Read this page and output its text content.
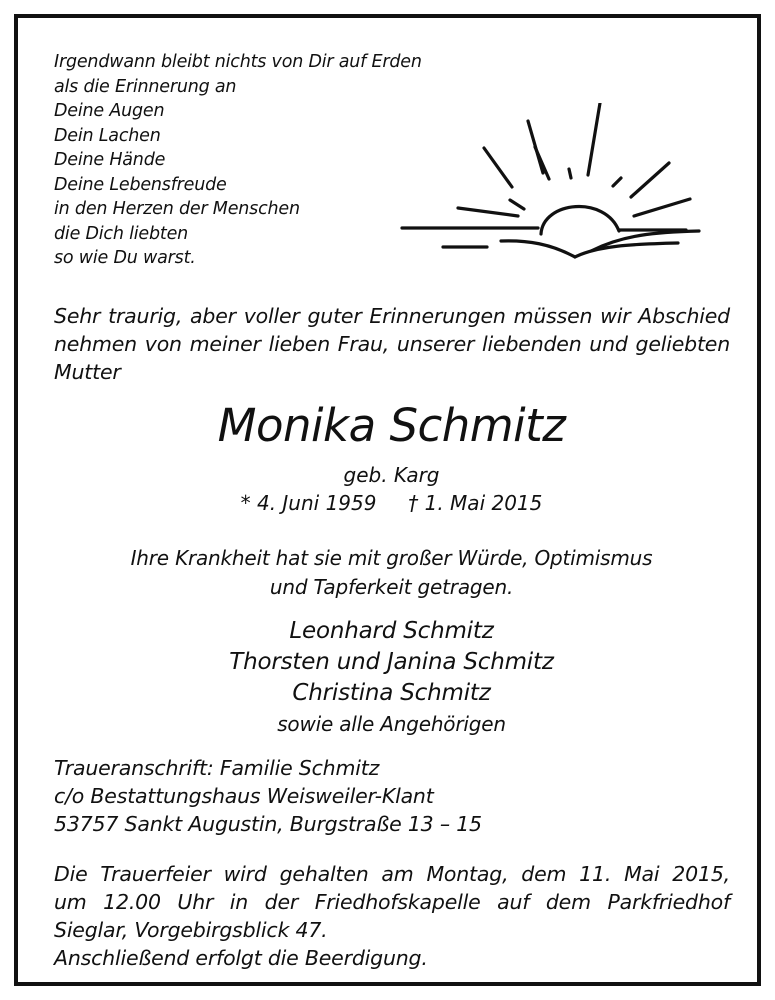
Irgendwann bleibt nichts von Dir auf Erden
als die Erinnerung an
Deine Augen
Dein Lachen
Deine Hände
Deine Lebensfreude
in den Herzen der Menschen
die Dich liebten
so wie Du warst.
Sehr traurig, aber voller guter Erinnerungen müssen wir Abschied nehmen von meiner lieben Frau, unserer liebenden und geliebten Mutter
Monika Schmitz
geb. Karg
* 4. Juni 1959     † 1. Mai 2015
Ihre Krankheit hat sie mit großer Würde, Optimismus
und Tapferkeit getragen.
Leonhard Schmitz
Thorsten und Janina Schmitz
Christina Schmitz
sowie alle Angehörigen
Traueranschrift: Familie Schmitz
c/o Bestattungshaus Weisweiler-Klant
53757 Sankt Augustin, Burgstraße 13 – 15
Die Trauerfeier wird gehalten am Montag, dem 11. Mai 2015,
um 12.00 Uhr in der Friedhofskapelle auf dem Parkfriedhof
Sieglar, Vorgebirgsblick 47.
Anschließend erfolgt die Beerdigung.
